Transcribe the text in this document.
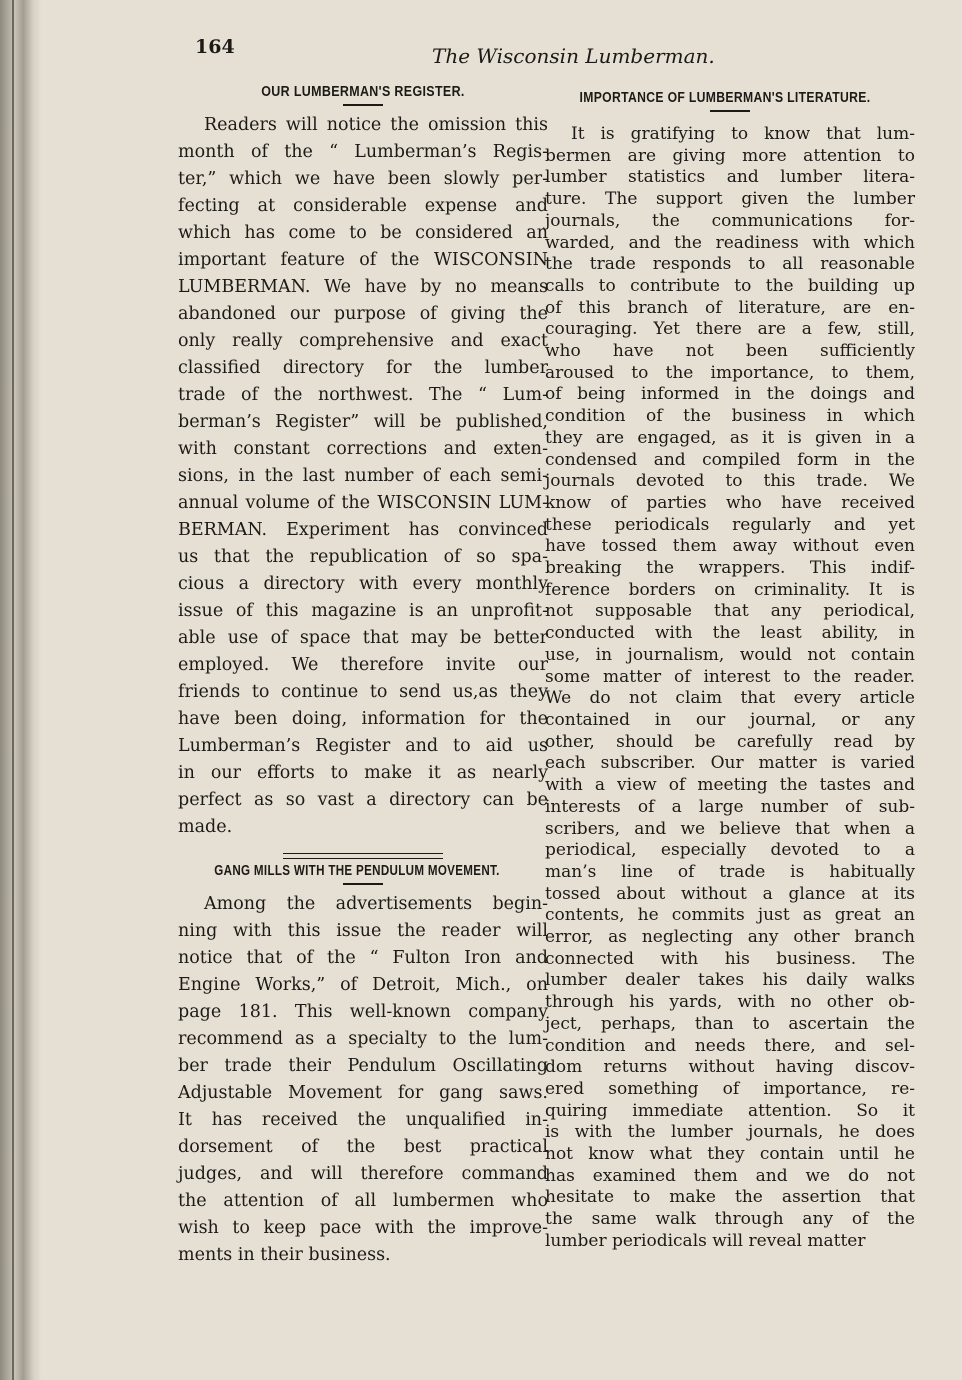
164	The Wisconsin Lumberman.
OUR LUMBERMAN'S REGISTER.
Readers will notice the omission this
month of the “ Lumberman’s Regis-
ter,” which we have been slowly per-
fecting at considerable expense and
which has come to be considered an
important feature of the WISCONSIN
LUMBERMAN. We have by no means
abandoned our purpose of giving the
only really comprehensive and exact
classified directory for the lumber
trade of the northwest. The “ Lum-
berman’s Register” will be published,
with constant corrections and exten-
sions, in the last number of each semi-
annual volume of the WISCONSIN LUM-
BERMAN. Experiment has convinced
us that the republication of so spa-
cious a directory with every monthly
issue of this magazine is an unprofit-
able use of space that may be better
employed. We therefore invite our
friends to continue to send us,as they
have been doing, information for the
Lumberman’s Register and to aid us
in our efforts to make it as nearly
perfect as so vast a directory can be
made.
GANG MILLS WITH THE PENDULUM MOVEMENT.
Among the advertisements begin-
ning with this issue the reader will
notice that of the “ Fulton Iron and
Engine Works,” of Detroit, Mich., on
page 181. This well-known company
recommend as a specialty to the lum-
ber trade their Pendulum Oscillating
Adjustable Movement for gang saws.
It has received the unqualified in-
dorsement of the best practical
judges, and will therefore command
the attention of all lumbermen who
wish to keep pace with the improve-
ments in their business.
IMPORTANCE OF LUMBERMAN'S LITERATURE.
It is gratifying to know that lum-
bermen are giving more attention to
lumber statistics and lumber litera-
ture. The support given the lumber
journals, the communications for-
warded, and the readiness with which
the trade responds to all reasonable
calls to contribute to the building up
of this branch of literature, are en-
couraging. Yet there are a few, still,
who have not been sufficiently
aroused to the importance, to them,
of being informed in the doings and
condition of the business in which
they are engaged, as it is given in a
condensed and compiled form in the
journals devoted to this trade. We
know of parties who have received
these periodicals regularly and yet
have tossed them away without even
breaking the wrappers. This indif-
ference borders on criminality. It is
not supposable that any periodical,
conducted with the least ability, in
use, in journalism, would not contain
some matter of interest to the reader.
We do not claim that every article
contained in our journal, or any
other, should be carefully read by
each subscriber. Our matter is varied
with a view of meeting the tastes and
interests of a large number of sub-
scribers, and we believe that when a
periodical, especially devoted to a
man’s line of trade is habitually
tossed about without a glance at its
contents, he commits just as great an
error, as neglecting any other branch
connected with his business. The
lumber dealer takes his daily walks
through his yards, with no other ob-
ject, perhaps, than to ascertain the
condition and needs there, and sel-
dom returns without having discov-
ered something of importance, re-
quiring immediate attention. So it
is with the lumber journals, he does
not know what they contain until he
has examined them and we do not
hesitate to make the assertion that
the same walk through any of the
lumber periodicals will reveal matter
